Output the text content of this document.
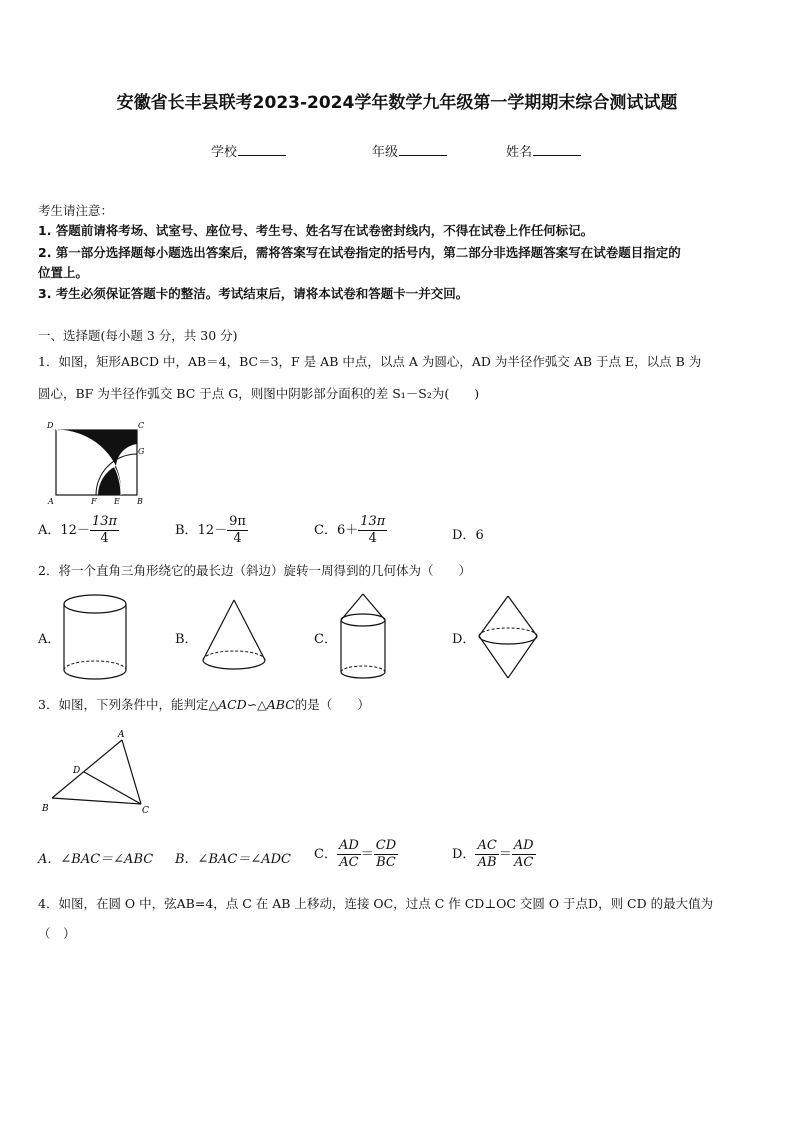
安徽省长丰县联考2023-2024学年数学九年级第一学期期末综合测试试题
学校	年级	姓名
考生请注意：
1. 答题前请将考场、试室号、座位号、考生号、姓名写在试卷密封线内，不得在试卷上作任何标记。
2. 第一部分选择题每小题选出答案后，需将答案写在试卷指定的括号内，第二部分非选择题答案写在试卷题目指定的
位置上。
3. 考生必须保证答题卡的整洁。考试结束后，请将本试卷和答题卡一并交回。
一、选择题(每小题 3 分，共 30 分)
1．如图，矩形ABCD 中，AB＝4，BC＝3，F 是 AB 中点，以点 A 为圆心，AD 为半径作弧交 AB 于点 E，以点 B 为
圆心，BF 为半径作弧交 BC 于点 G，则图中阴影部分面积的差 S₁－S₂为(　　)
D	C
G
A	F E B
A．$12- \frac{13\pi}{4}$	B．$12- \frac{9\pi}{4}$	C．$6+ \frac{13\pi}{4}$	D．6
2．将一个直角三角形绕它的最长边（斜边）旋转一周得到的几何体为（　　）
A．	B．	C．	D．
3．如图，下列条件中，能判定△ACD∽△ABC的是（　　）
A
D
B	C
A．∠BAC＝∠ABC B．∠BAC＝∠ADC C． $\frac{AD}{AC} = \frac{CD}{BC}$	D． $\frac{AC}{AB} = \frac{AD}{AC}$
4．如图，在圆 O 中，弦AB=4，点 C 在 AB 上移动，连接 OC，过点 C 作 CD⊥OC 交圆 O 于点D，则 CD 的最大值为
（　）
